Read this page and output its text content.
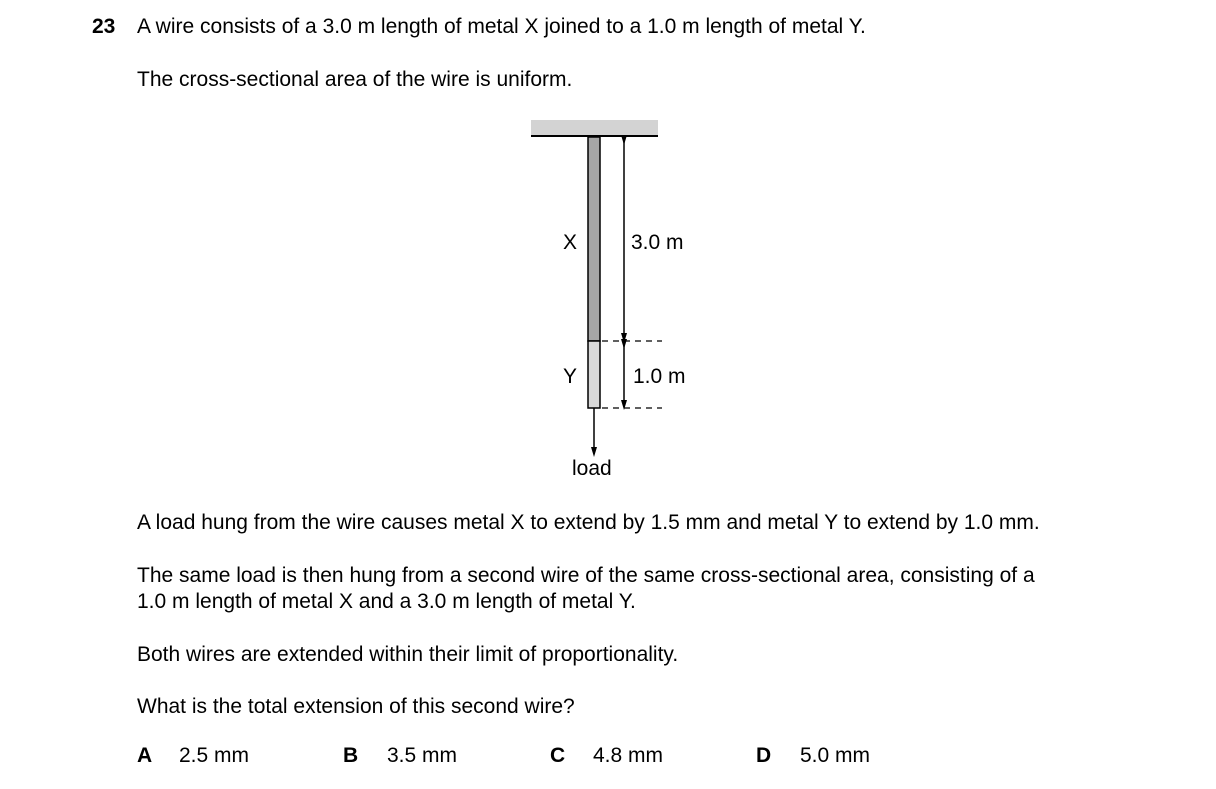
23 A wire consists of a 3.0 m length of metal X joined to a 1.0 m length of metal Y.
The cross-sectional area of the wire is uniform.
X
Y
3.0 m
1.0 m
load
A load hung from the wire causes metal X to extend by 1.5 mm and metal Y to extend by 1.0 mm.
The same load is then hung from a second wire of the same cross-sectional area, consisting of a
1.0 m length of metal X and a 3.0 m length of metal Y.
Both wires are extended within their limit of proportionality.
What is the total extension of this second wire?
A 2.5 mm	B 3.5 mm	C 4.8 mm	D 5.0 mm
